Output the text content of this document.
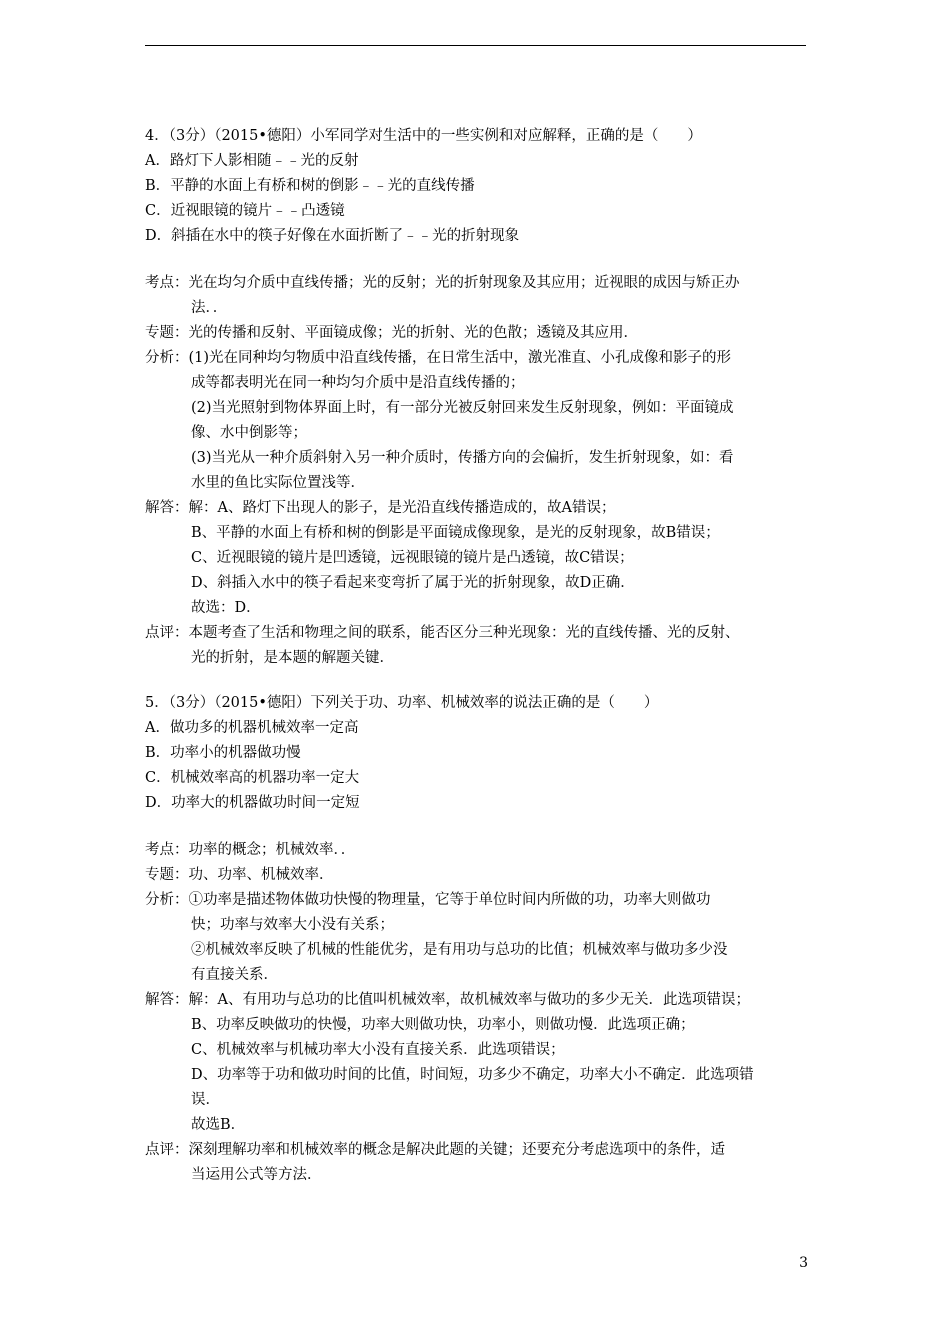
4．（3分）（2015•德阳）小军同学对生活中的一些实例和对应解释，正确的是（　　）
A．路灯下人影相随﹣﹣光的反射
B．平静的水面上有桥和树的倒影﹣﹣光的直线传播
C．近视眼镜的镜片﹣﹣凸透镜
D．斜插在水中的筷子好像在水面折断了﹣﹣光的折射现象
考点：光在均匀介质中直线传播；光的反射；光的折射现象及其应用；近视眼的成因与矫正办
法．．
专题：光的传播和反射、平面镜成像；光的折射、光的色散；透镜及其应用．
分析：(1)光在同种均匀物质中沿直线传播，在日常生活中，激光准直、小孔成像和影子的形
成等都表明光在同一种均匀介质中是沿直线传播的；
(2)当光照射到物体界面上时，有一部分光被反射回来发生反射现象，例如：平面镜成
像、水中倒影等；
(3)当光从一种介质斜射入另一种介质时，传播方向的会偏折，发生折射现象，如：看
水里的鱼比实际位置浅等．
解答：解：A、路灯下出现人的影子，是光沿直线传播造成的，故A错误；
B、平静的水面上有桥和树的倒影是平面镜成像现象，是光的反射现象，故B错误；
C、近视眼镜的镜片是凹透镜，远视眼镜的镜片是凸透镜，故C错误；
D、斜插入水中的筷子看起来变弯折了属于光的折射现象，故D正确．
故选：D．
点评：本题考查了生活和物理之间的联系，能否区分三种光现象：光的直线传播、光的反射、
光的折射，是本题的解题关键．
5．（3分）（2015•德阳）下列关于功、功率、机械效率的说法正确的是（　　）
A．做功多的机器机械效率一定高
B．功率小的机器做功慢
C．机械效率高的机器功率一定大
D．功率大的机器做功时间一定短
考点：功率的概念；机械效率．．
专题：功、功率、机械效率．
分析：①功率是描述物体做功快慢的物理量，它等于单位时间内所做的功，功率大则做功
快；功率与效率大小没有关系；
②机械效率反映了机械的性能优劣，是有用功与总功的比值；机械效率与做功多少没
有直接关系．
解答：解：A、有用功与总功的比值叫机械效率，故机械效率与做功的多少无关．此选项错误；
B、功率反映做功的快慢，功率大则做功快，功率小，则做功慢．此选项正确；
C、机械效率与机械功率大小没有直接关系．此选项错误；
D、功率等于功和做功时间的比值，时间短，功多少不确定，功率大小不确定．此选项错
误．
故选B．
点评：深刻理解功率和机械效率的概念是解决此题的关键；还要充分考虑选项中的条件，适
当运用公式等方法．
3
